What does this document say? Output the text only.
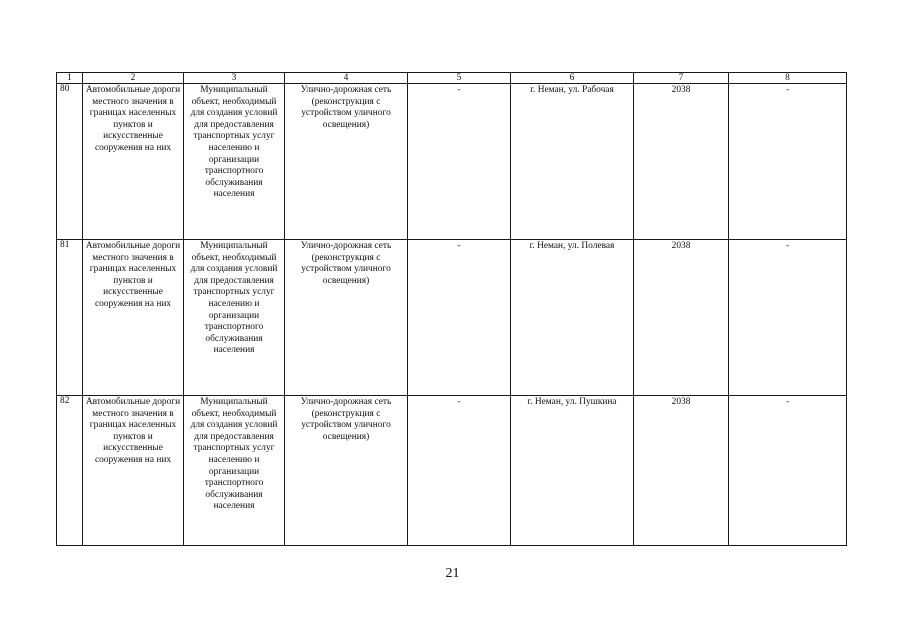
1	2	3	4	5	6	7	8
80	Автомобильные дороги местного значения в границах населенных пунктов и искусственные сооружения на них	Муниципальный объект, необходимый для создания условий для предоставления транспортных услуг населению и организации транспортного обслуживания населения	Улично-дорожная сеть (реконструкция с устройством уличного освещения)	-	г. Неман, ул. Рабочая	2038	-

81	Автомобильные дороги местного значения в границах населенных пунктов и искусственные сооружения на них	Муниципальный объект, необходимый для создания условий для предоставления транспортных услуг населению и организации транспортного обслуживания населения	Улично-дорожная сеть (реконструкция с устройством уличного освещения)	-	г. Неман, ул. Полевая	2038	-

82	Автомобильные дороги местного значения в границах населенных пунктов и искусственные сооружения на них	Муниципальный объект, необходимый для создания условий для предоставления транспортных услуг населению и организации транспортного обслуживания населения	Улично-дорожная сеть (реконструкция с устройством уличного освещения)	-	г. Неман, ул. Пушкина	2038	-
21
